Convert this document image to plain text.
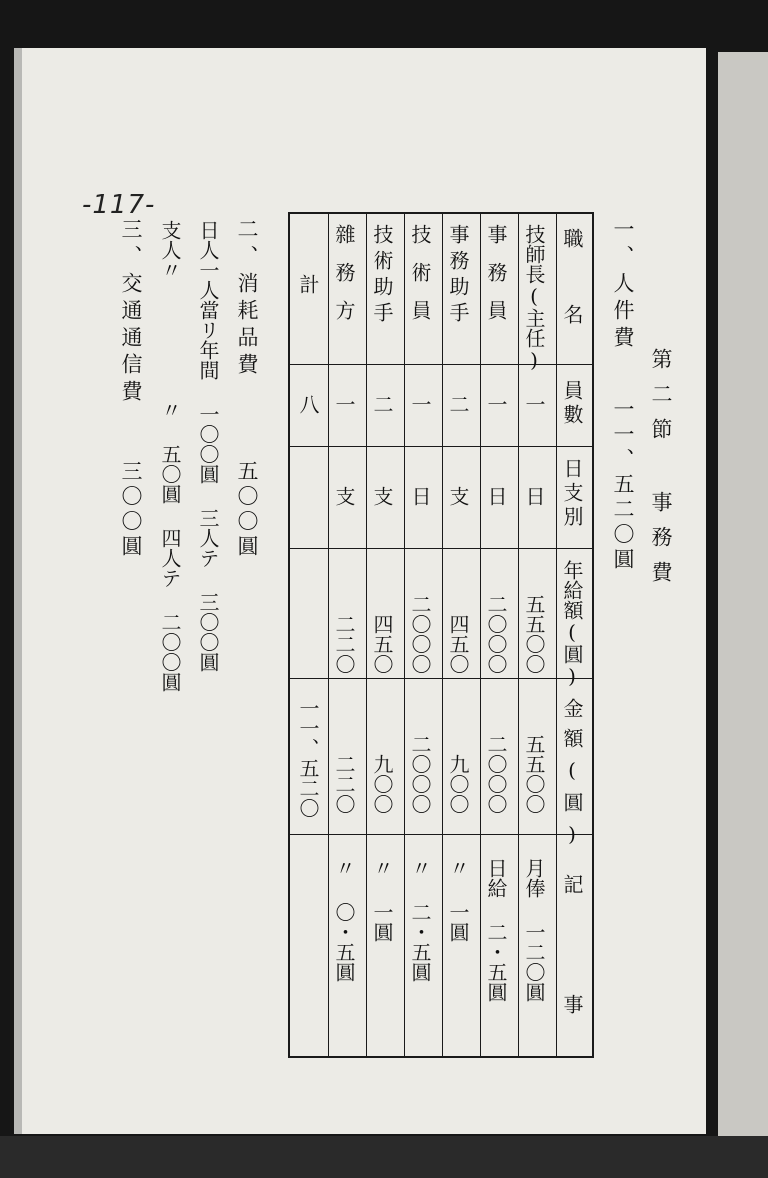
-117-
第二節 事務費
一、人件費
一一、五二〇圓
職名
員數
日支別
年給額(圓)
金額(圓)
記事
技師長(主任)
一
日
五五〇〇
五五〇〇
月俸 一二〇圓
事務員
一
日
二〇〇〇
二〇〇〇
日給 二・五圓
事務助手
二
支
四五〇
九〇〇
〃 一圓
技術員
一
日
二〇〇〇
二〇〇〇
〃 二・五圓
技術助手
二
支
四五〇
九〇〇
〃 一圓
雜務方
一
支
二二〇
二二〇
〃 〇・五圓
計
八
一一、五二〇
二、消耗品費
五〇〇圓
日人一人當リ年間 一〇〇圓 三人テ 三〇〇圓
支人〃
〃 五〇圓 四人テ 二〇〇圓
三、交通通信費
三〇〇圓
